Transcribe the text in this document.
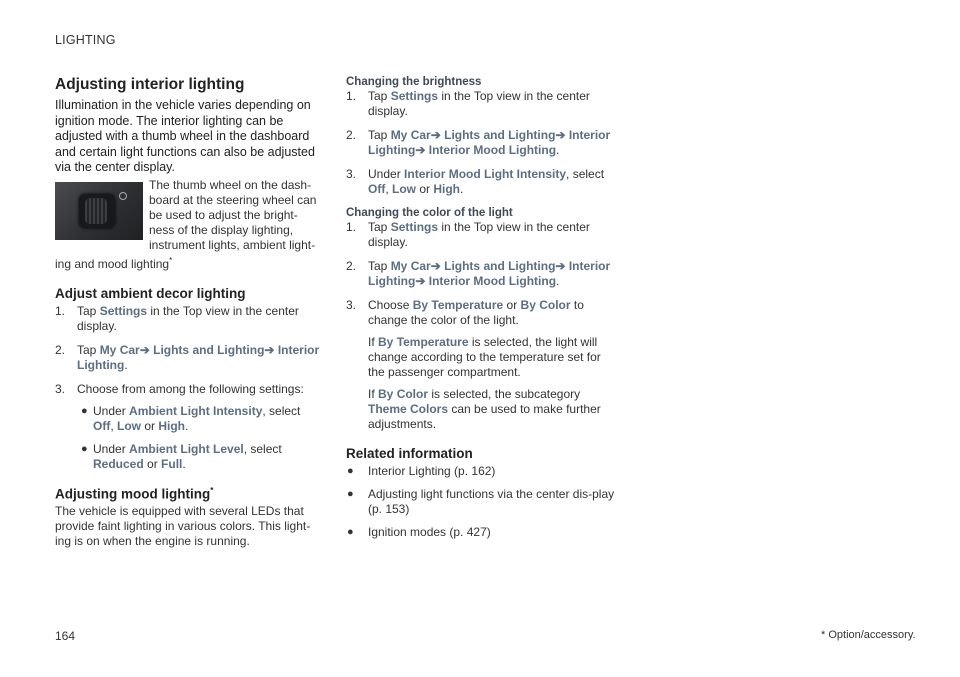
LIGHTING
Adjusting interior lighting

Illumination in the vehicle varies depending on ignition mode. The interior lighting can be adjusted with a thumb wheel in the dashboard and certain light functions can also be adjusted via the center display.

The thumb wheel on the dash-board at the steering wheel can be used to adjust the bright-ness of the display lighting, instrument lights, ambient light-ing and mood lighting*
Adjust ambient decor lighting
1. Tap Settings in the Top view in the center display.
2. Tap My Car➔ Lights and Lighting➔ Interior Lighting.
3. Choose from among the following settings:
● Under Ambient Light Intensity, select Off, Low or High.
● Under Ambient Light Level, select Reduced or Full.
Adjusting mood lighting*

The vehicle is equipped with several LEDs that provide faint lighting in various colors. This light-ing is on when the engine is running.

Changing the brightness
1. Tap Settings in the Top view in the center display.
2. Tap My Car➔ Lights and Lighting➔ Interior Lighting➔ Interior Mood Lighting.
3. Under Interior Mood Light Intensity, select Off, Low or High.
Changing the color of the light
1. Tap Settings in the Top view in the center display.
2. Tap My Car➔ Lights and Lighting➔ Interior Lighting➔ Interior Mood Lighting.
3. Choose By Temperature or By Color to change the color of the light.

If By Temperature is selected, the light will change according to the temperature set for the passenger compartment.

If By Color is selected, the subcategory Theme Colors can be used to make further adjustments.

Related information
● Interior Lighting (p. 162)
● Adjusting light functions via the center dis-play (p. 153)
● Ignition modes (p. 427)
164	* Option/accessory.
